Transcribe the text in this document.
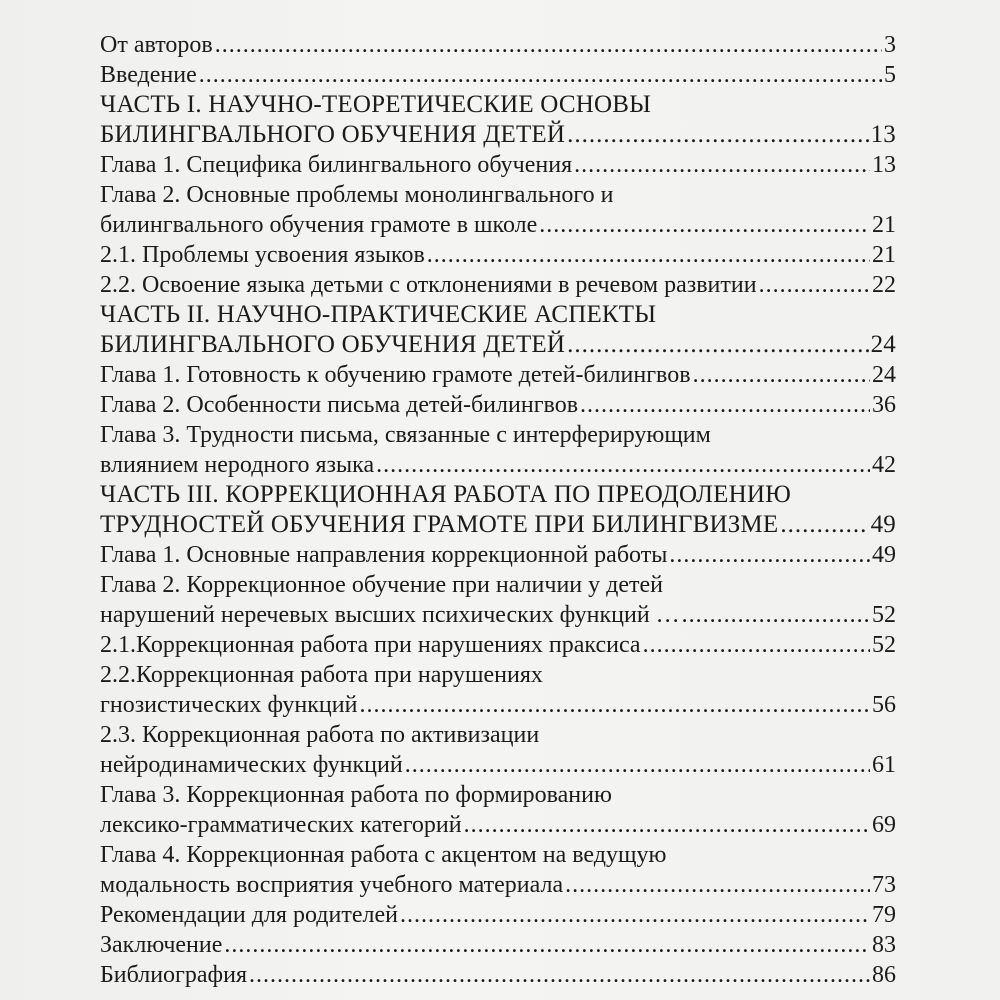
От авторов .....	3
Введение .....	5
ЧАСТЬ I. НАУЧНО-ТЕОРЕТИЧЕСКИЕ ОСНОВЫ
БИЛИНГВАЛЬНОГО ОБУЧЕНИЯ ДЕТЕЙ .....	13
Глава 1. Специфика билингвального обучения .....	13
Глава 2. Основные проблемы монолингвального и
билингвального обучения грамоте в школе .....	21
2.1. Проблемы усвоения языков .....	21
2.2. Освоение языка детьми с отклонениями в речевом развитии .....	22
ЧАСТЬ II. НАУЧНО-ПРАКТИЧЕСКИЕ АСПЕКТЫ
БИЛИНГВАЛЬНОГО ОБУЧЕНИЯ ДЕТЕЙ .....	24
Глава 1. Готовность к обучению грамоте детей-билингвов .....	24
Глава 2. Особенности письма детей-билингвов .....	36
Глава 3. Трудности письма, связанные с интерферирующим
влиянием неродного языка .....	42
ЧАСТЬ III. КОРРЕКЦИОННАЯ РАБОТА ПО ПРЕОДОЛЕНИЮ
ТРУДНОСТЕЙ ОБУЧЕНИЯ ГРАМОТЕ ПРИ БИЛИНГВИЗМЕ .....	49
Глава 1. Основные направления коррекционной работы .....	49
Глава 2. Коррекционное обучение при наличии у детей
нарушений неречевых высших психических функций … .....	52
2.1.Коррекционная работа при нарушениях праксиса .....	52
2.2.Коррекционная работа при нарушениях
гнозистических функций .....	56
2.3. Коррекционная работа по активизации
нейродинамических функций .....	61
Глава 3. Коррекционная работа по формированию
лексико-грамматических категорий .....	69
Глава 4. Коррекционная работа с акцентом на ведущую
модальность восприятия учебного материала .....	73
Рекомендации для родителей .....	79
Заключение .....	83
Библиография .....	86
